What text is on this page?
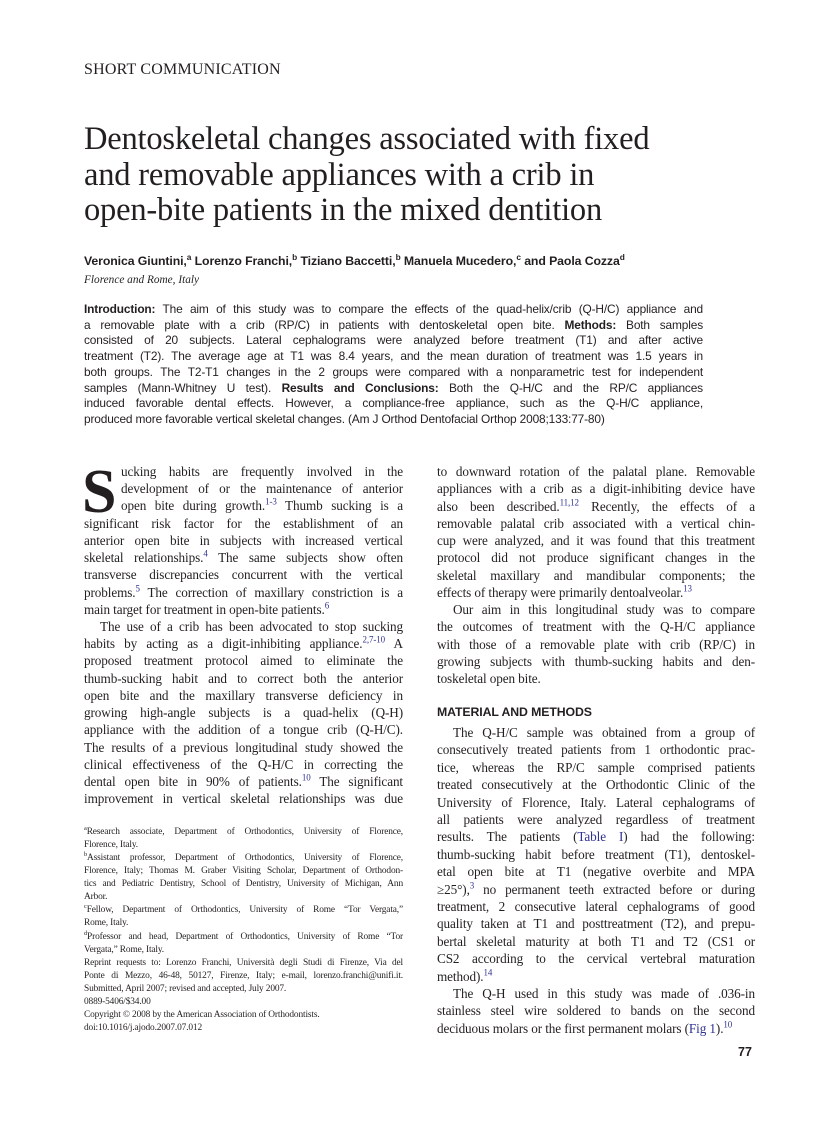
SHORT COMMUNICATION
Dentoskeletal changes associated with fixed
and removable appliances with a crib in
open-bite patients in the mixed dentition
Veronica Giuntini,$^a$ Lorenzo Franchi,$^b$ Tiziano Baccetti,$^b$ Manuela Mucedero,$^c$ and Paola Cozza$^d$
Florence and Rome, Italy
Introduction: The aim of this study was to compare the effects of the quad-helix/crib (Q-H/C) appliance and
a removable plate with a crib (RP/C) in patients with dentoskeletal open bite. Methods: Both samples
consisted of 20 subjects. Lateral cephalograms were analyzed before treatment (T1) and after active
treatment (T2). The average age at T1 was 8.4 years, and the mean duration of treatment was 1.5 years in
both groups. The T2-T1 changes in the 2 groups were compared with a nonparametric test for independent
samples (Mann-Whitney U test). Results and Conclusions: Both the Q-H/C and the RP/C appliances
induced favorable dental effects. However, a compliance-free appliance, such as the Q-H/C appliance,
produced more favorable vertical skeletal changes. (Am J Orthod Dentofacial Orthop 2008;133:77-80)
S ucking habits are frequently involved in the
development of or the maintenance of anterior
open bite during growth.$^{1-3}$ Thumb sucking is a
significant risk factor for the establishment of an
anterior open bite in subjects with increased vertical
skeletal relationships.$^4$ The same subjects show often
transverse discrepancies concurrent with the vertical
problems.$^5$ The correction of maxillary constriction is a
main target for treatment in open-bite patients.$^6$
The use of a crib has been advocated to stop sucking
habits by acting as a digit-inhibiting appliance.$^{2,7-10}$ A
proposed treatment protocol aimed to eliminate the
thumb-sucking habit and to correct both the anterior
open bite and the maxillary transverse deficiency in
growing high-angle subjects is a quad-helix (Q-H)
appliance with the addition of a tongue crib (Q-H/C).
The results of a previous longitudinal study showed the
clinical effectiveness of the Q-H/C in correcting the
dental open bite in 90% of patients.$^{10}$ The significant
improvement in vertical skeletal relationships was due
to downward rotation of the palatal plane. Removable
appliances with a crib as a digit-inhibiting device have
also been described.$^{11,12}$ Recently, the effects of a
removable palatal crib associated with a vertical chin-
cup were analyzed, and it was found that this treatment
protocol did not produce significant changes in the
skeletal maxillary and mandibular components; the
effects of therapy were primarily dentoalveolar.$^{13}$
Our aim in this longitudinal study was to compare
the outcomes of treatment with the Q-H/C appliance
with those of a removable plate with crib (RP/C) in
growing subjects with thumb-sucking habits and den-
toskeletal open bite.
The Q-H/C sample was obtained from a group of
consecutively treated patients from 1 orthodontic prac-
tice, whereas the RP/C sample comprised patients
treated consecutively at the Orthodontic Clinic of the
University of Florence, Italy. Lateral cephalograms of
all patients were analyzed regardless of treatment
results. The patients (Table I) had the following:
thumb-sucking habit before treatment (T1), dentoskel-
etal open bite at T1 (negative overbite and MPA
≥25°),$^3$ no permanent teeth extracted before or during
treatment, 2 consecutive lateral cephalograms of good
quality taken at T1 and posttreatment (T2), and prepu-
bertal skeletal maturity at both T1 and T2 (CS1 or
CS2 according to the cervical vertebral maturation
method).$^{14}$
The Q-H used in this study was made of .036-in
stainless steel wire soldered to bands on the second
deciduous molars or the first permanent molars (Fig 1).$^{10}$
MATERIAL AND METHODS
$^a$Research associate, Department of Orthodontics, University of Florence,
Florence, Italy.
$^b$Assistant professor, Department of Orthodontics, University of Florence,
Florence, Italy; Thomas M. Graber Visiting Scholar, Department of Orthodon-
tics and Pediatric Dentistry, School of Dentistry, University of Michigan, Ann
Arbor.
$^c$Fellow, Department of Orthodontics, University of Rome “Tor Vergata,”
Rome, Italy.
$^d$Professor and head, Department of Orthodontics, University of Rome “Tor
Vergata,” Rome, Italy.
Reprint requests to: Lorenzo Franchi, Università degli Studi di Firenze, Via del
Ponte di Mezzo, 46-48, 50127, Firenze, Italy; e-mail, lorenzo.franchi@unifi.it.
Submitted, April 2007; revised and accepted, July 2007.
0889-5406/$34.00
Copyright © 2008 by the American Association of Orthodontists.
doi:10.1016/j.ajodo.2007.07.012
77
